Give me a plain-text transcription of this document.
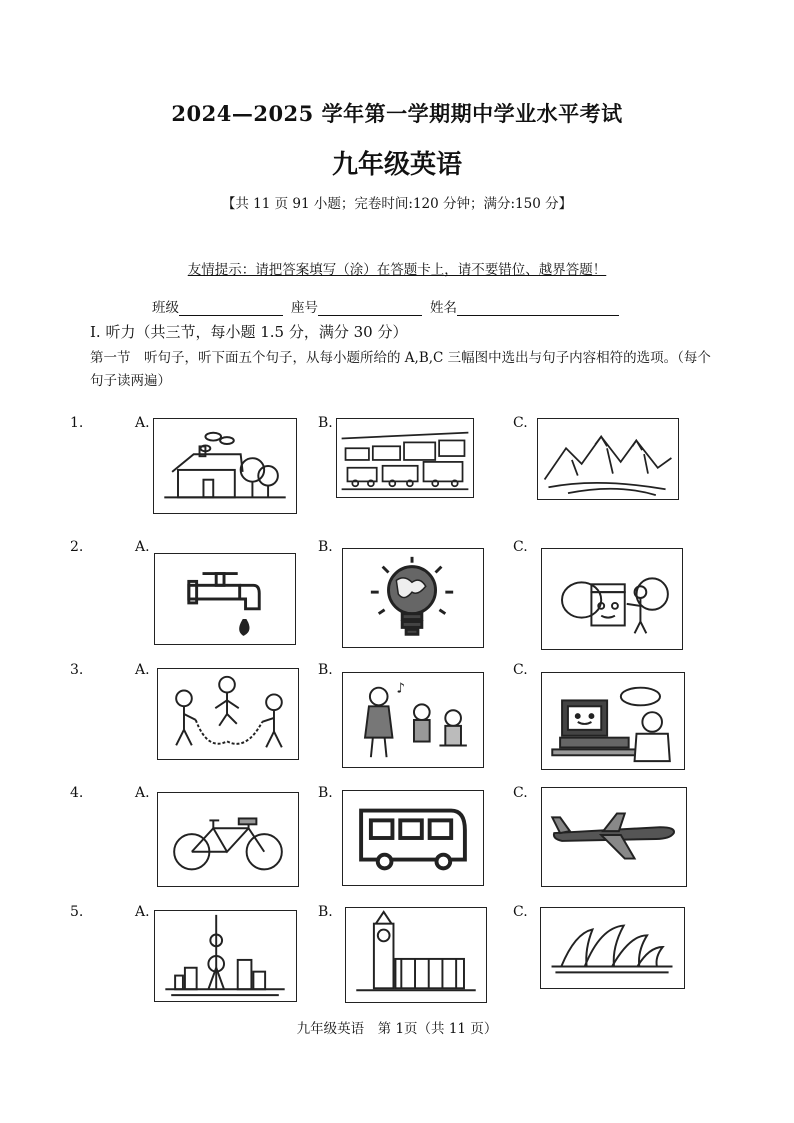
2024—2025 学年第一学期期中学业水平考试
九年级英语
【共 11 页 91 小题；完卷时间:120 分钟；满分:150 分】
友情提示：请把答案填写（涂）在答题卡上，请不要错位、越界答题！
班级	座号	姓名
I. 听力（共三节，每小题 1.5 分，满分 30 分）
第一节　听句子，听下面五个句子，从每小题所给的 A,B,C 三幅图中选出与句子内容相符的选项。（每个句子读两遍）
1.	A.	B.	C.
2.	A.	B.	C.
3.	A.	B.
♪
C.
4.	A.	B.	C.
5.	A.	B.	C.
九年级英语　第 1页（共 11 页）
